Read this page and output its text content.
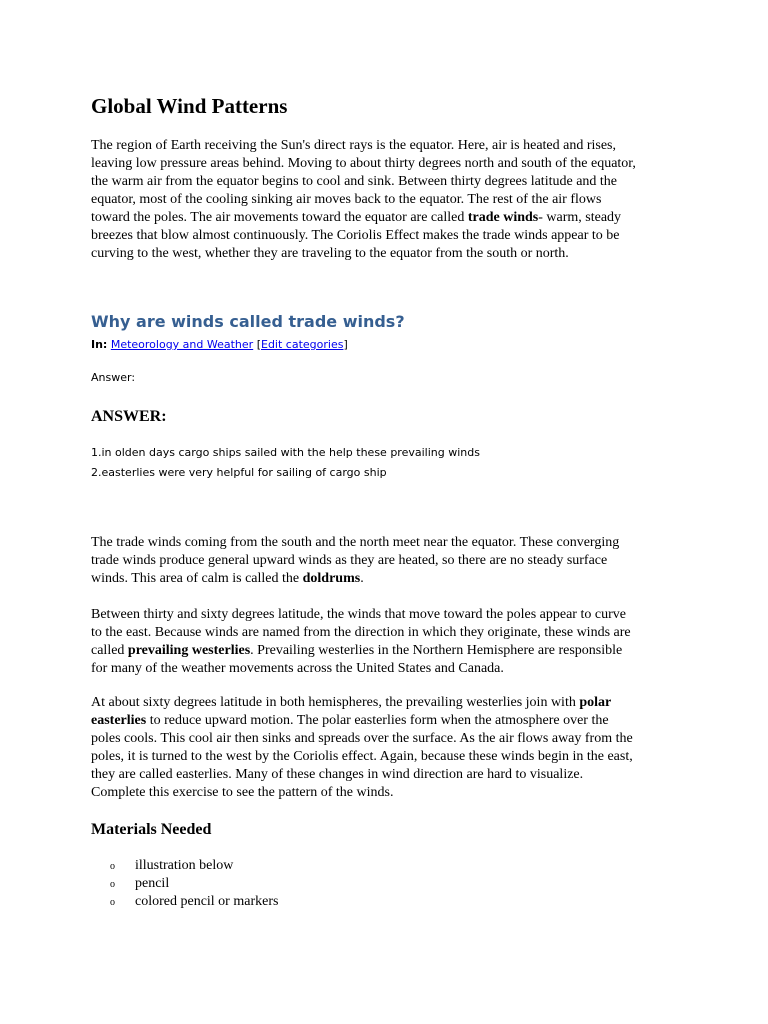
Global Wind Patterns

The region of Earth receiving the Sun's direct rays is the equator. Here, air is heated and rises,
leaving low pressure areas behind. Moving to about thirty degrees north and south of the equator,
the warm air from the equator begins to cool and sink. Between thirty degrees latitude and the
equator, most of the cooling sinking air moves back to the equator. The rest of the air flows
toward the poles. The air movements toward the equator are called trade winds- warm, steady
breezes that blow almost continuously. The Coriolis Effect makes the trade winds appear to be
curving to the west, whether they are traveling to the equator from the south or north.

Why are winds called trade winds?

In: Meteorology and Weather [Edit categories]

Answer:

ANSWER:

1.in olden days cargo ships sailed with the help these prevailing winds

2.easterlies were very helpful for sailing of cargo ship

The trade winds coming from the south and the north meet near the equator. These converging
trade winds produce general upward winds as they are heated, so there are no steady surface
winds. This area of calm is called the doldrums.

Between thirty and sixty degrees latitude, the winds that move toward the poles appear to curve
to the east. Because winds are named from the direction in which they originate, these winds are
called prevailing westerlies. Prevailing westerlies in the Northern Hemisphere are responsible
for many of the weather movements across the United States and Canada.

At about sixty degrees latitude in both hemispheres, the prevailing westerlies join with polar
easterlies to reduce upward motion. The polar easterlies form when the atmosphere over the
poles cools. This cool air then sinks and spreads over the surface. As the air flows away from the
poles, it is turned to the west by the Coriolis effect. Again, because these winds begin in the east,
they are called easterlies. Many of these changes in wind direction are hard to visualize.
Complete this exercise to see the pattern of the winds.

Materials Needed
o illustration below
o pencil
o colored pencil or markers
